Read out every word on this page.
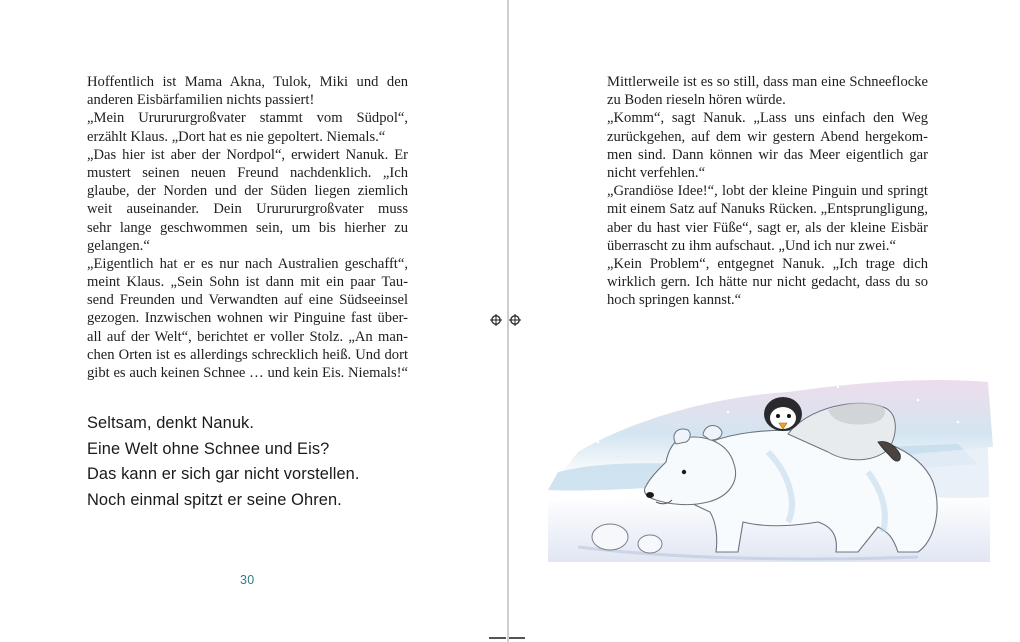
Hoffentlich ist Mama Akna, Tulok, Miki und den
anderen Eisbärfamilien nichts passiert!
„Mein Ururururgroßvater stammt vom Südpol“,
erzählt Klaus. „Dort hat es nie gepoltert. Niemals.“
„Das hier ist aber der Nordpol“, erwidert Nanuk. Er
mustert seinen neuen Freund nachdenklich. „Ich
glaube, der Norden und der Süden liegen ziemlich
weit auseinander. Dein Ururururgroßvater muss
sehr lange geschwommen sein, um bis hierher zu
gelangen.“
„Eigentlich hat er es nur nach Australien geschafft“,
meint Klaus. „Sein Sohn ist dann mit ein paar Tau-
send Freunden und Verwandten auf eine Südseeinsel
gezogen. Inzwischen wohnen wir Pinguine fast über-
all auf der Welt“, berichtet er voller Stolz. „An man-
chen Orten ist es allerdings schrecklich heiß. Und dort
gibt es auch keinen Schnee … und kein Eis. Niemals!“
Seltsam, denkt Nanuk.
Eine Welt ohne Schnee und Eis?
Das kann er sich gar nicht vorstellen.
Noch einmal spitzt er seine Ohren.
30
Mittlerweile ist es so still, dass man eine Schneeflocke
zu Boden rieseln hören würde.
„Komm“, sagt Nanuk. „Lass uns einfach den Weg
zurückgehen, auf dem wir gestern Abend hergekom-
men sind. Dann können wir das Meer eigentlich gar
nicht verfehlen.“
„Grandiöse Idee!“, lobt der kleine Pinguin und springt
mit einem Satz auf Nanuks Rücken. „Entsprungligung,
aber du hast vier Füße“, sagt er, als der kleine Eisbär
überrascht zu ihm aufschaut. „Und ich nur zwei.“
„Kein Problem“, entgegnet Nanuk. „Ich trage dich
wirklich gern. Ich hätte nur nicht gedacht, dass du so
hoch springen kannst.“
